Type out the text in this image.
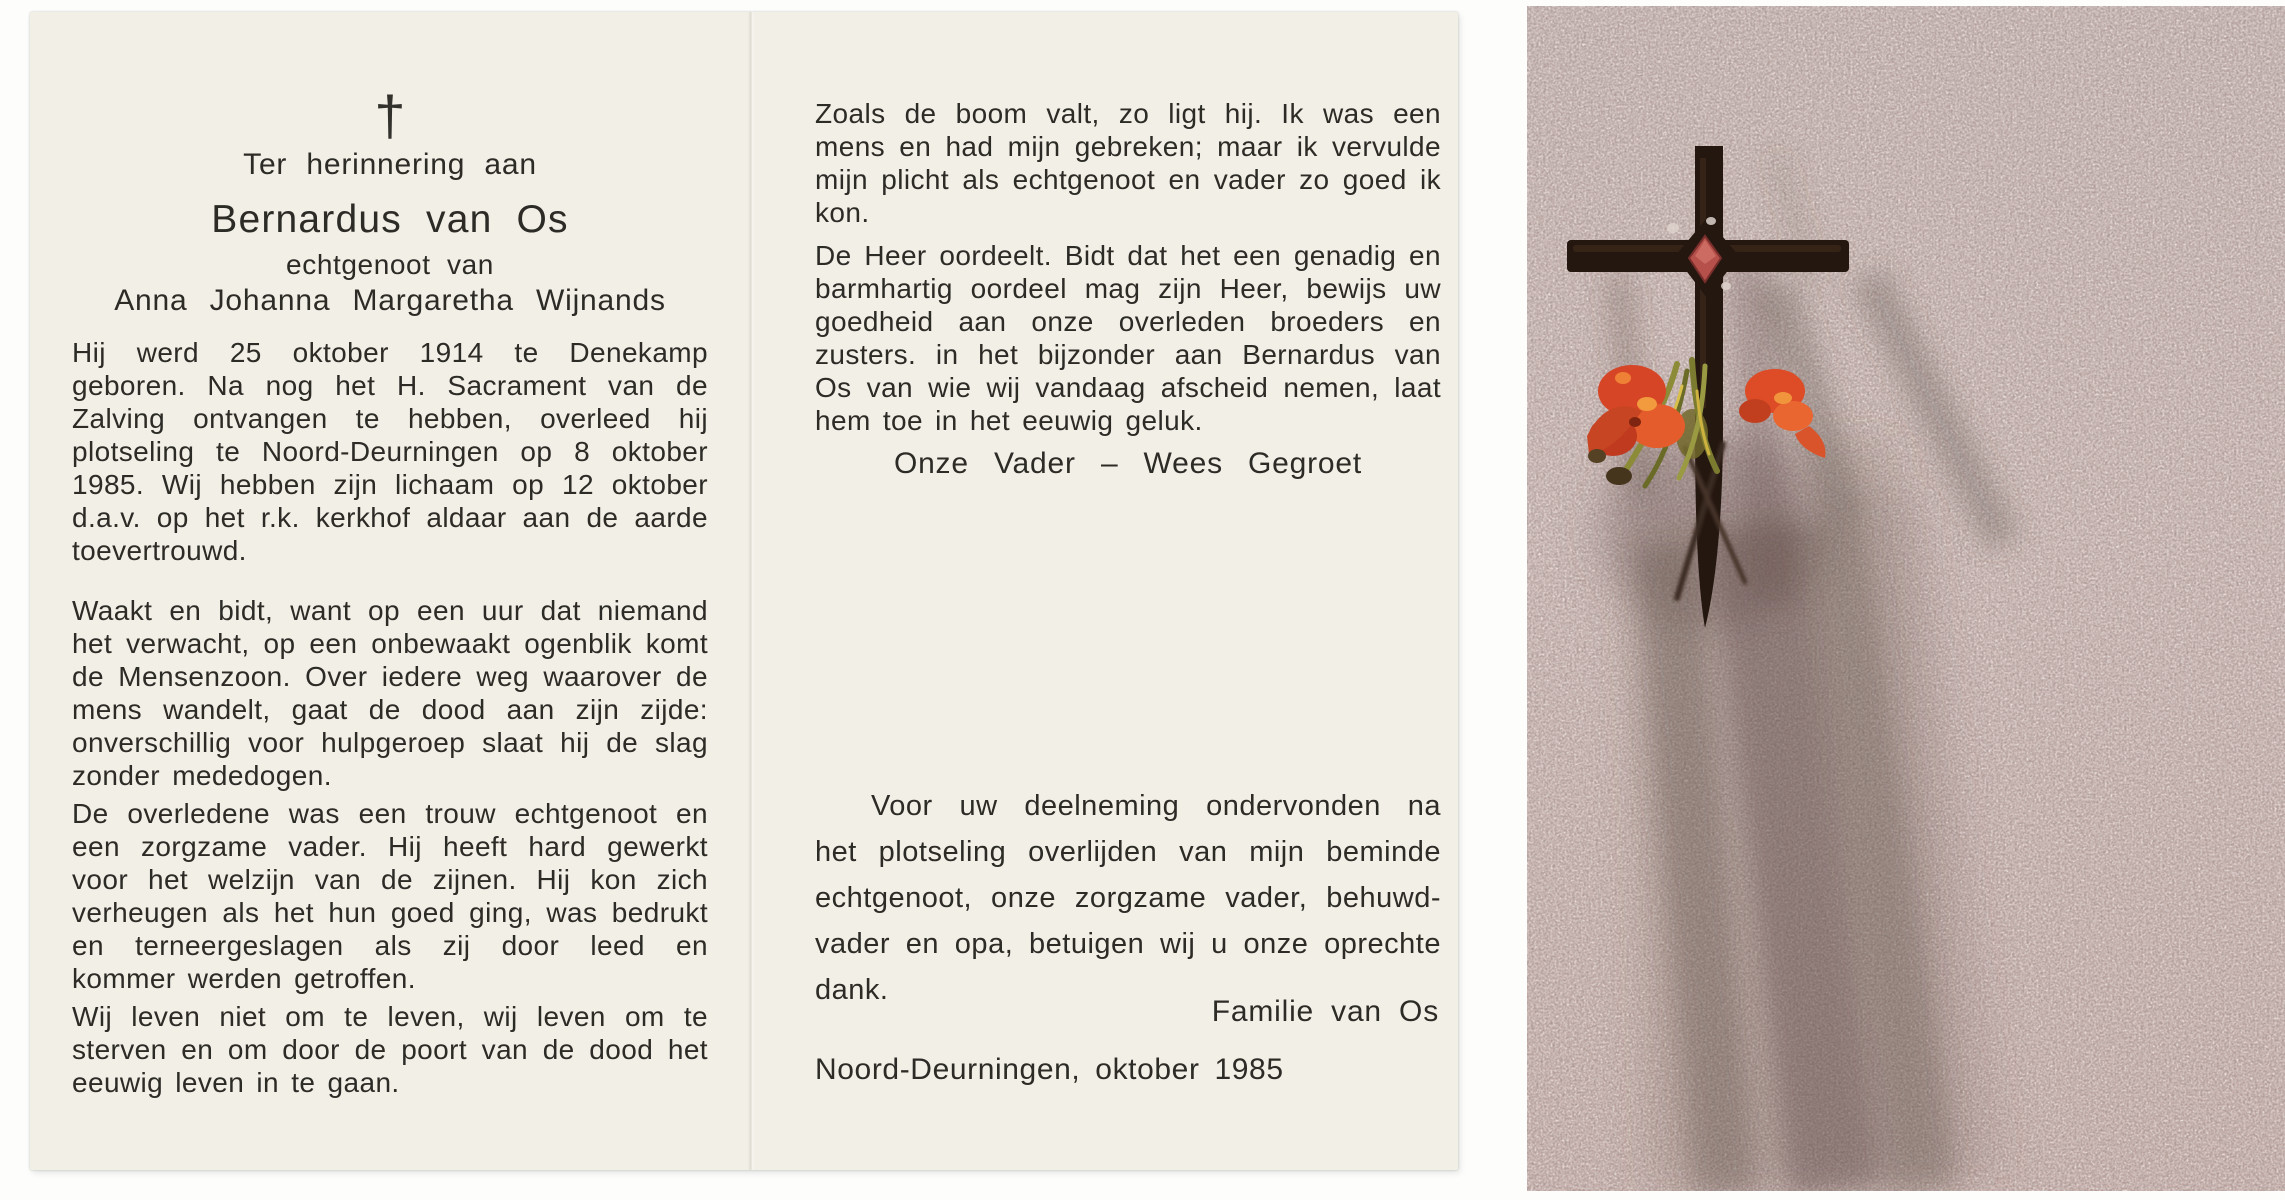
†
Ter herinnering aan
Bernardus van Os
echtgenoot van
Anna Johanna Margaretha Wijnands

Hij werd 25 oktober 1914 te Denekamp geboren. Na nog het H. Sacrament van de Zalving ontvangen te hebben, overleed hij plotseling te Noord-Deurningen op 8 oktober 1985. Wij hebben zijn lichaam op 12 oktober d.a.v. op het r.k. kerkhof aldaar aan de aarde toevertrouwd.

Waakt en bidt, want op een uur dat niemand het verwacht, op een onbewaakt ogenblik komt de Mensenzoon. Over iedere weg waarover de mens wandelt, gaat de dood aan zijn zijde: onverschillig voor hulpgeroep slaat hij de slag zonder mededogen.

De overledene was een trouw echtgenoot en een zorgzame vader. Hij heeft hard gewerkt voor het welzijn van de zijnen. Hij kon zich verheugen als het hun goed ging, was bedrukt en terneergeslagen als zij door leed en kommer werden getroffen.

Wij leven niet om te leven, wij leven om te sterven en om door de poort van de dood het eeuwig leven in te gaan.

Zoals de boom valt, zo ligt hij. Ik was een mens en had mijn gebreken; maar ik vervulde mijn plicht als echtgenoot en vader zo goed ik kon.

De Heer oordeelt. Bidt dat het een genadig en barmhartig oordeel mag zijn Heer, bewijs uw goedheid aan onze overleden broeders en zusters. in het bijzonder aan Bernardus van Os van wie wij vandaag afscheid nemen, laat hem toe in het eeuwig geluk.

Onze Vader – Wees Gegroet

Voor uw deelneming ondervonden na het plotseling overlijden van mijn beminde echtgenoot, onze zorgzame vader, behuwd-vader en opa, betuigen wij u onze oprechte dank.

Familie van Os
Noord-Deurningen, oktober 1985
